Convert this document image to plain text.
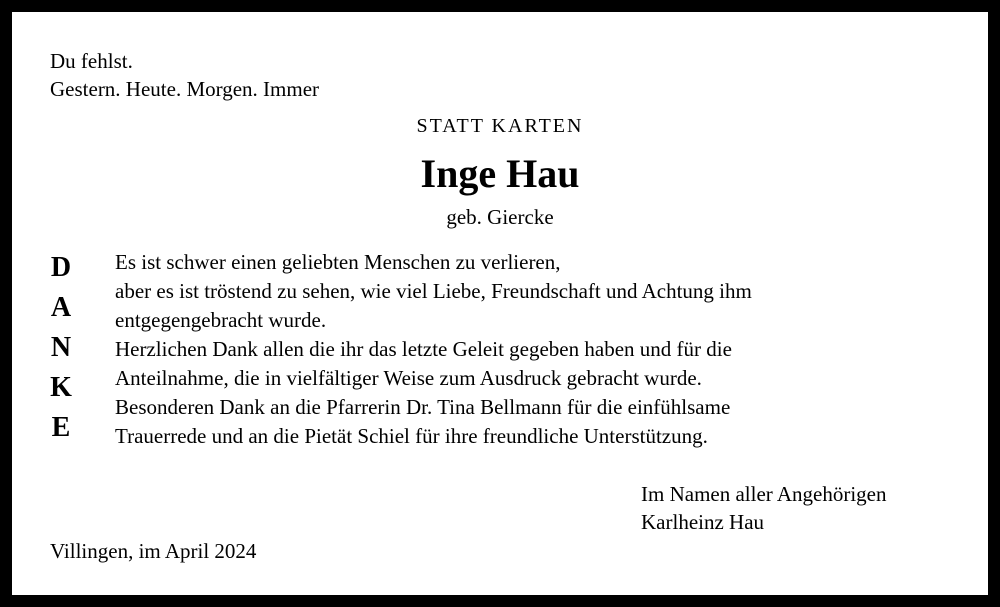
Du fehlst.
Gestern. Heute. Morgen. Immer
STATT KARTEN
Inge Hau
geb. Giercke
D
A
N
K
E

Es ist schwer einen geliebten Menschen zu verlieren,
aber es ist tröstend zu sehen, wie viel Liebe, Freundschaft und Achtung ihm
entgegengebracht wurde.

Herzlichen Dank allen die ihr das letzte Geleit gegeben haben und für die
Anteilnahme, die in vielfältiger Weise zum Ausdruck gebracht wurde.
Besonderen Dank an die Pfarrerin Dr. Tina Bellmann für die einfühlsame
Trauerrede und an die Pietät Schiel für ihre freundliche Unterstützung.

Im Namen aller Angehörigen
Karlheinz Hau
Villingen, im April 2024
